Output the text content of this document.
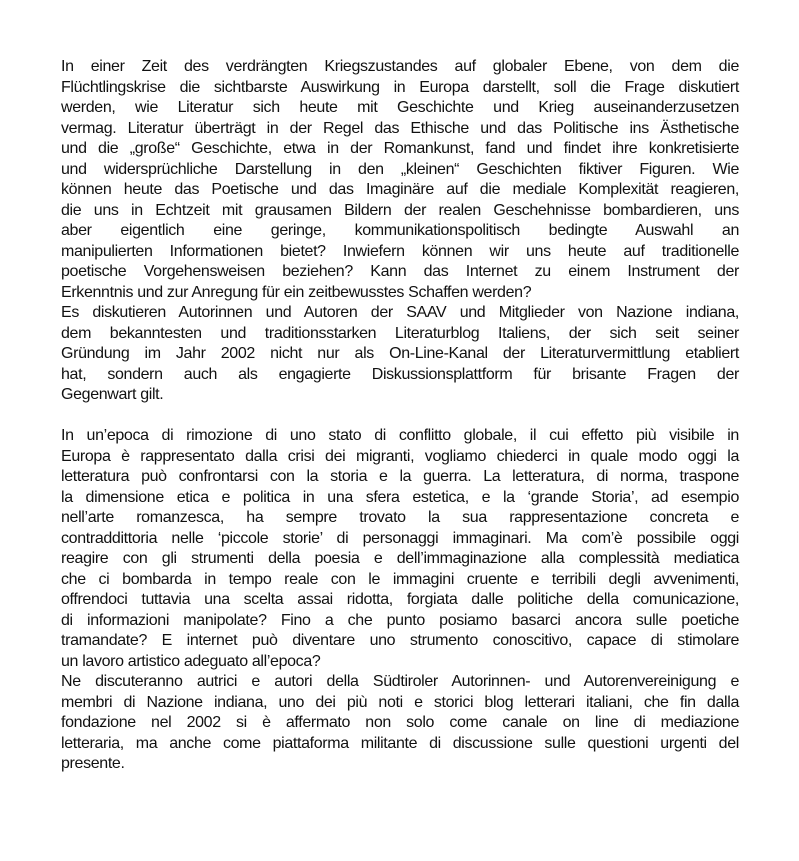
In einer Zeit des verdrängten Kriegszustandes auf globaler Ebene, von dem die
Flüchtlingskrise die sichtbarste Auswirkung in Europa darstellt, soll die Frage diskutiert
werden, wie Literatur sich heute mit Geschichte und Krieg auseinanderzusetzen
vermag. Literatur überträgt in der Regel das Ethische und das Politische ins Ästhetische
und die „große“ Geschichte, etwa in der Romankunst, fand und findet ihre konkretisierte
und widersprüchliche Darstellung in den „kleinen“ Geschichten fiktiver Figuren. Wie
können heute das Poetische und das Imaginäre auf die mediale Komplexität reagieren,
die uns in Echtzeit mit grausamen Bildern der realen Geschehnisse bombardieren, uns
aber eigentlich eine geringe, kommunikationspolitisch bedingte Auswahl an
manipulierten Informationen bietet? Inwiefern können wir uns heute auf traditionelle
poetische Vorgehensweisen beziehen? Kann das Internet zu einem Instrument der
Erkenntnis und zur Anregung für ein zeitbewusstes Schaffen werden?
Es diskutieren Autorinnen und Autoren der SAAV und Mitglieder von Nazione indiana,
dem bekanntesten und traditionsstarken Literaturblog Italiens, der sich seit seiner
Gründung im Jahr 2002 nicht nur als On-Line-Kanal der Literaturvermittlung etabliert
hat, sondern auch als engagierte Diskussionsplattform für brisante Fragen der
Gegenwart gilt.
In un’epoca di rimozione di uno stato di conflitto globale, il cui effetto più visibile in
Europa è rappresentato dalla crisi dei migranti, vogliamo chiederci in quale modo oggi la
letteratura può confrontarsi con la storia e la guerra. La letteratura, di norma, traspone
la dimensione etica e politica in una sfera estetica, e la ‘grande Storia’, ad esempio
nell’arte romanzesca, ha sempre trovato la sua rappresentazione concreta e
contraddittoria nelle ‘piccole storie’ di personaggi immaginari. Ma com’è possibile oggi
reagire con gli strumenti della poesia e dell’immaginazione alla complessità mediatica
che ci bombarda in tempo reale con le immagini cruente e terribili degli avvenimenti,
offrendoci tuttavia una scelta assai ridotta, forgiata dalle politiche della comunicazione,
di informazioni manipolate? Fino a che punto posiamo basarci ancora sulle poetiche
tramandate? E internet può diventare uno strumento conoscitivo, capace di stimolare
un lavoro artistico adeguato all’epoca?
Ne discuteranno autrici e autori della Südtiroler Autorinnen- und Autorenvereinigung e
membri di Nazione indiana, uno dei più noti e storici blog letterari italiani, che fin dalla
fondazione nel 2002 si è affermato non solo come canale on line di mediazione
letteraria, ma anche come piattaforma militante di discussione sulle questioni urgenti del
presente.
